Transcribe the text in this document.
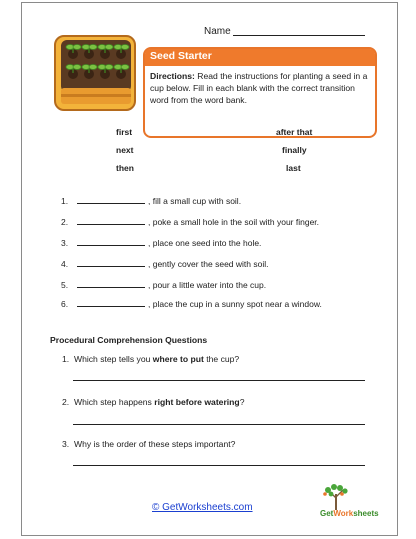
Name
Seed Starter
Directions: Read the instructions for planting a seed in a cup below. Fill in each blank with the correct transition word from the word bank.
first	after that
next	finally
then	last
1.	, fill a small cup with soil.
2.	, poke a small hole in the soil with your finger.
3.	, place one seed into the hole.
4.	, gently cover the seed with soil.
5.	, pour a little water into the cup.
6.	, place the cup in a sunny spot near a window.
Procedural Comprehension Questions
1. Which step tells you where to put the cup?
2. Which step happens right before watering?
3. Why is the order of these steps important?
© GetWorksheets.com
GetWorksheets
